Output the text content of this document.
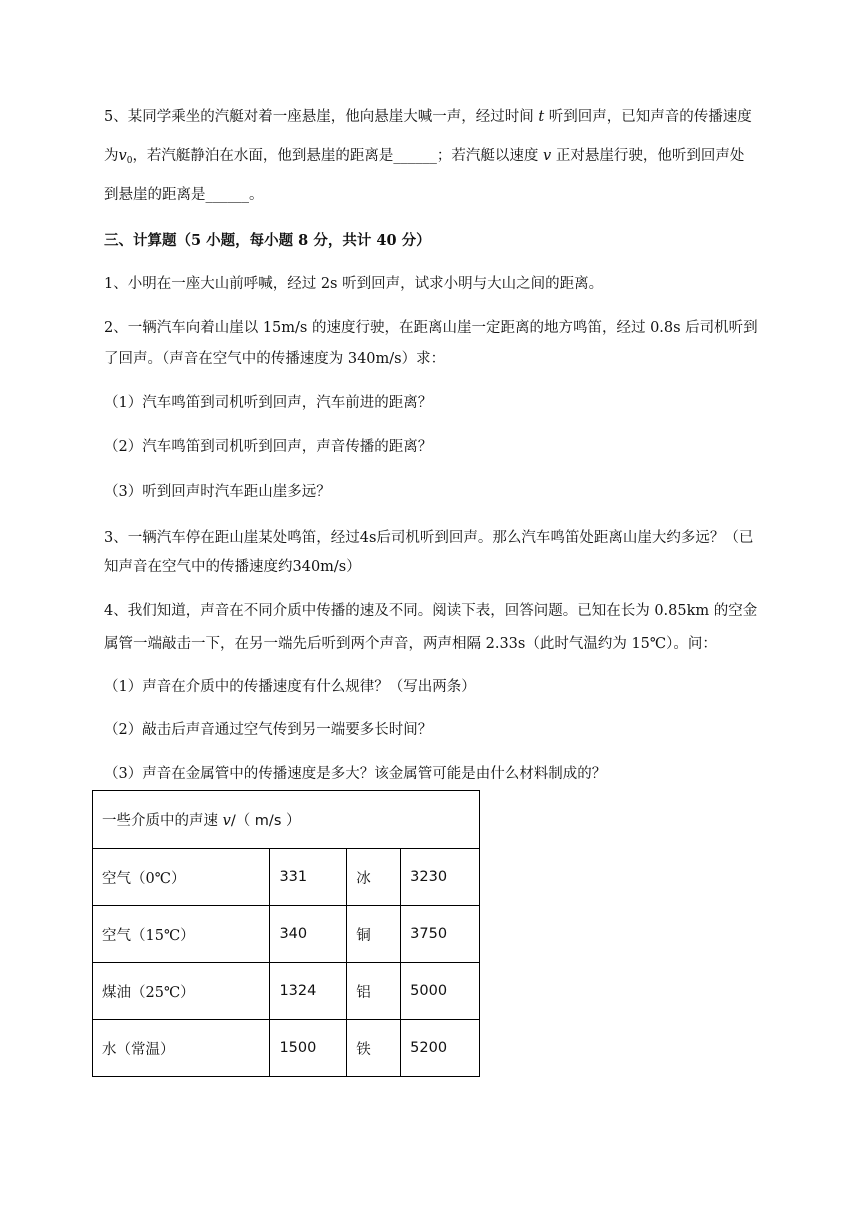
5、某同学乘坐的汽艇对着一座悬崖，他向悬崖大喊一声，经过时间 t 听到回声，已知声音的传播速度
为$v_0$，若汽艇静泊在水面，他到悬崖的距离是______；若汽艇以速度 v 正对悬崖行驶，他听到回声处
到悬崖的距离是______。
三、计算题（5 小题，每小题 8 分，共计 40 分）
1、小明在一座大山前呼喊，经过 2s 听到回声，试求小明与大山之间的距离。
2、一辆汽车向着山崖以 15m/s 的速度行驶，在距离山崖一定距离的地方鸣笛，经过 0.8s 后司机听到
了回声。（声音在空气中的传播速度为 340m/s）求：
（1）汽车鸣笛到司机听到回声，汽车前进的距离？
（2）汽车鸣笛到司机听到回声，声音传播的距离？
（3）听到回声时汽车距山崖多远？
3、一辆汽车停在距山崖某处鸣笛，经过4s后司机听到回声。那么汽车鸣笛处距离山崖大约多远？（已
知声音在空气中的传播速度约340m/s）
4、我们知道，声音在不同介质中传播的速及不同。阅读下表，回答问题。已知在长为 0.85km 的空金
属管一端敲击一下，在另一端先后听到两个声音，两声相隔 2.33s（此时气温约为 15℃）。问：
（1）声音在介质中的传播速度有什么规律？（写出两条）
（2）敲击后声音通过空气传到另一端要多长时间？
（3）声音在金属管中的传播速度是多大？该金属管可能是由什么材料制成的？
一些介质中的声速 v/（ m/s ）			
空气（0℃）	331	冰	3230
空气（15℃）	340	铜	3750
煤油（25℃）	1324	铝	5000
水（常温）	1500	铁	5200
